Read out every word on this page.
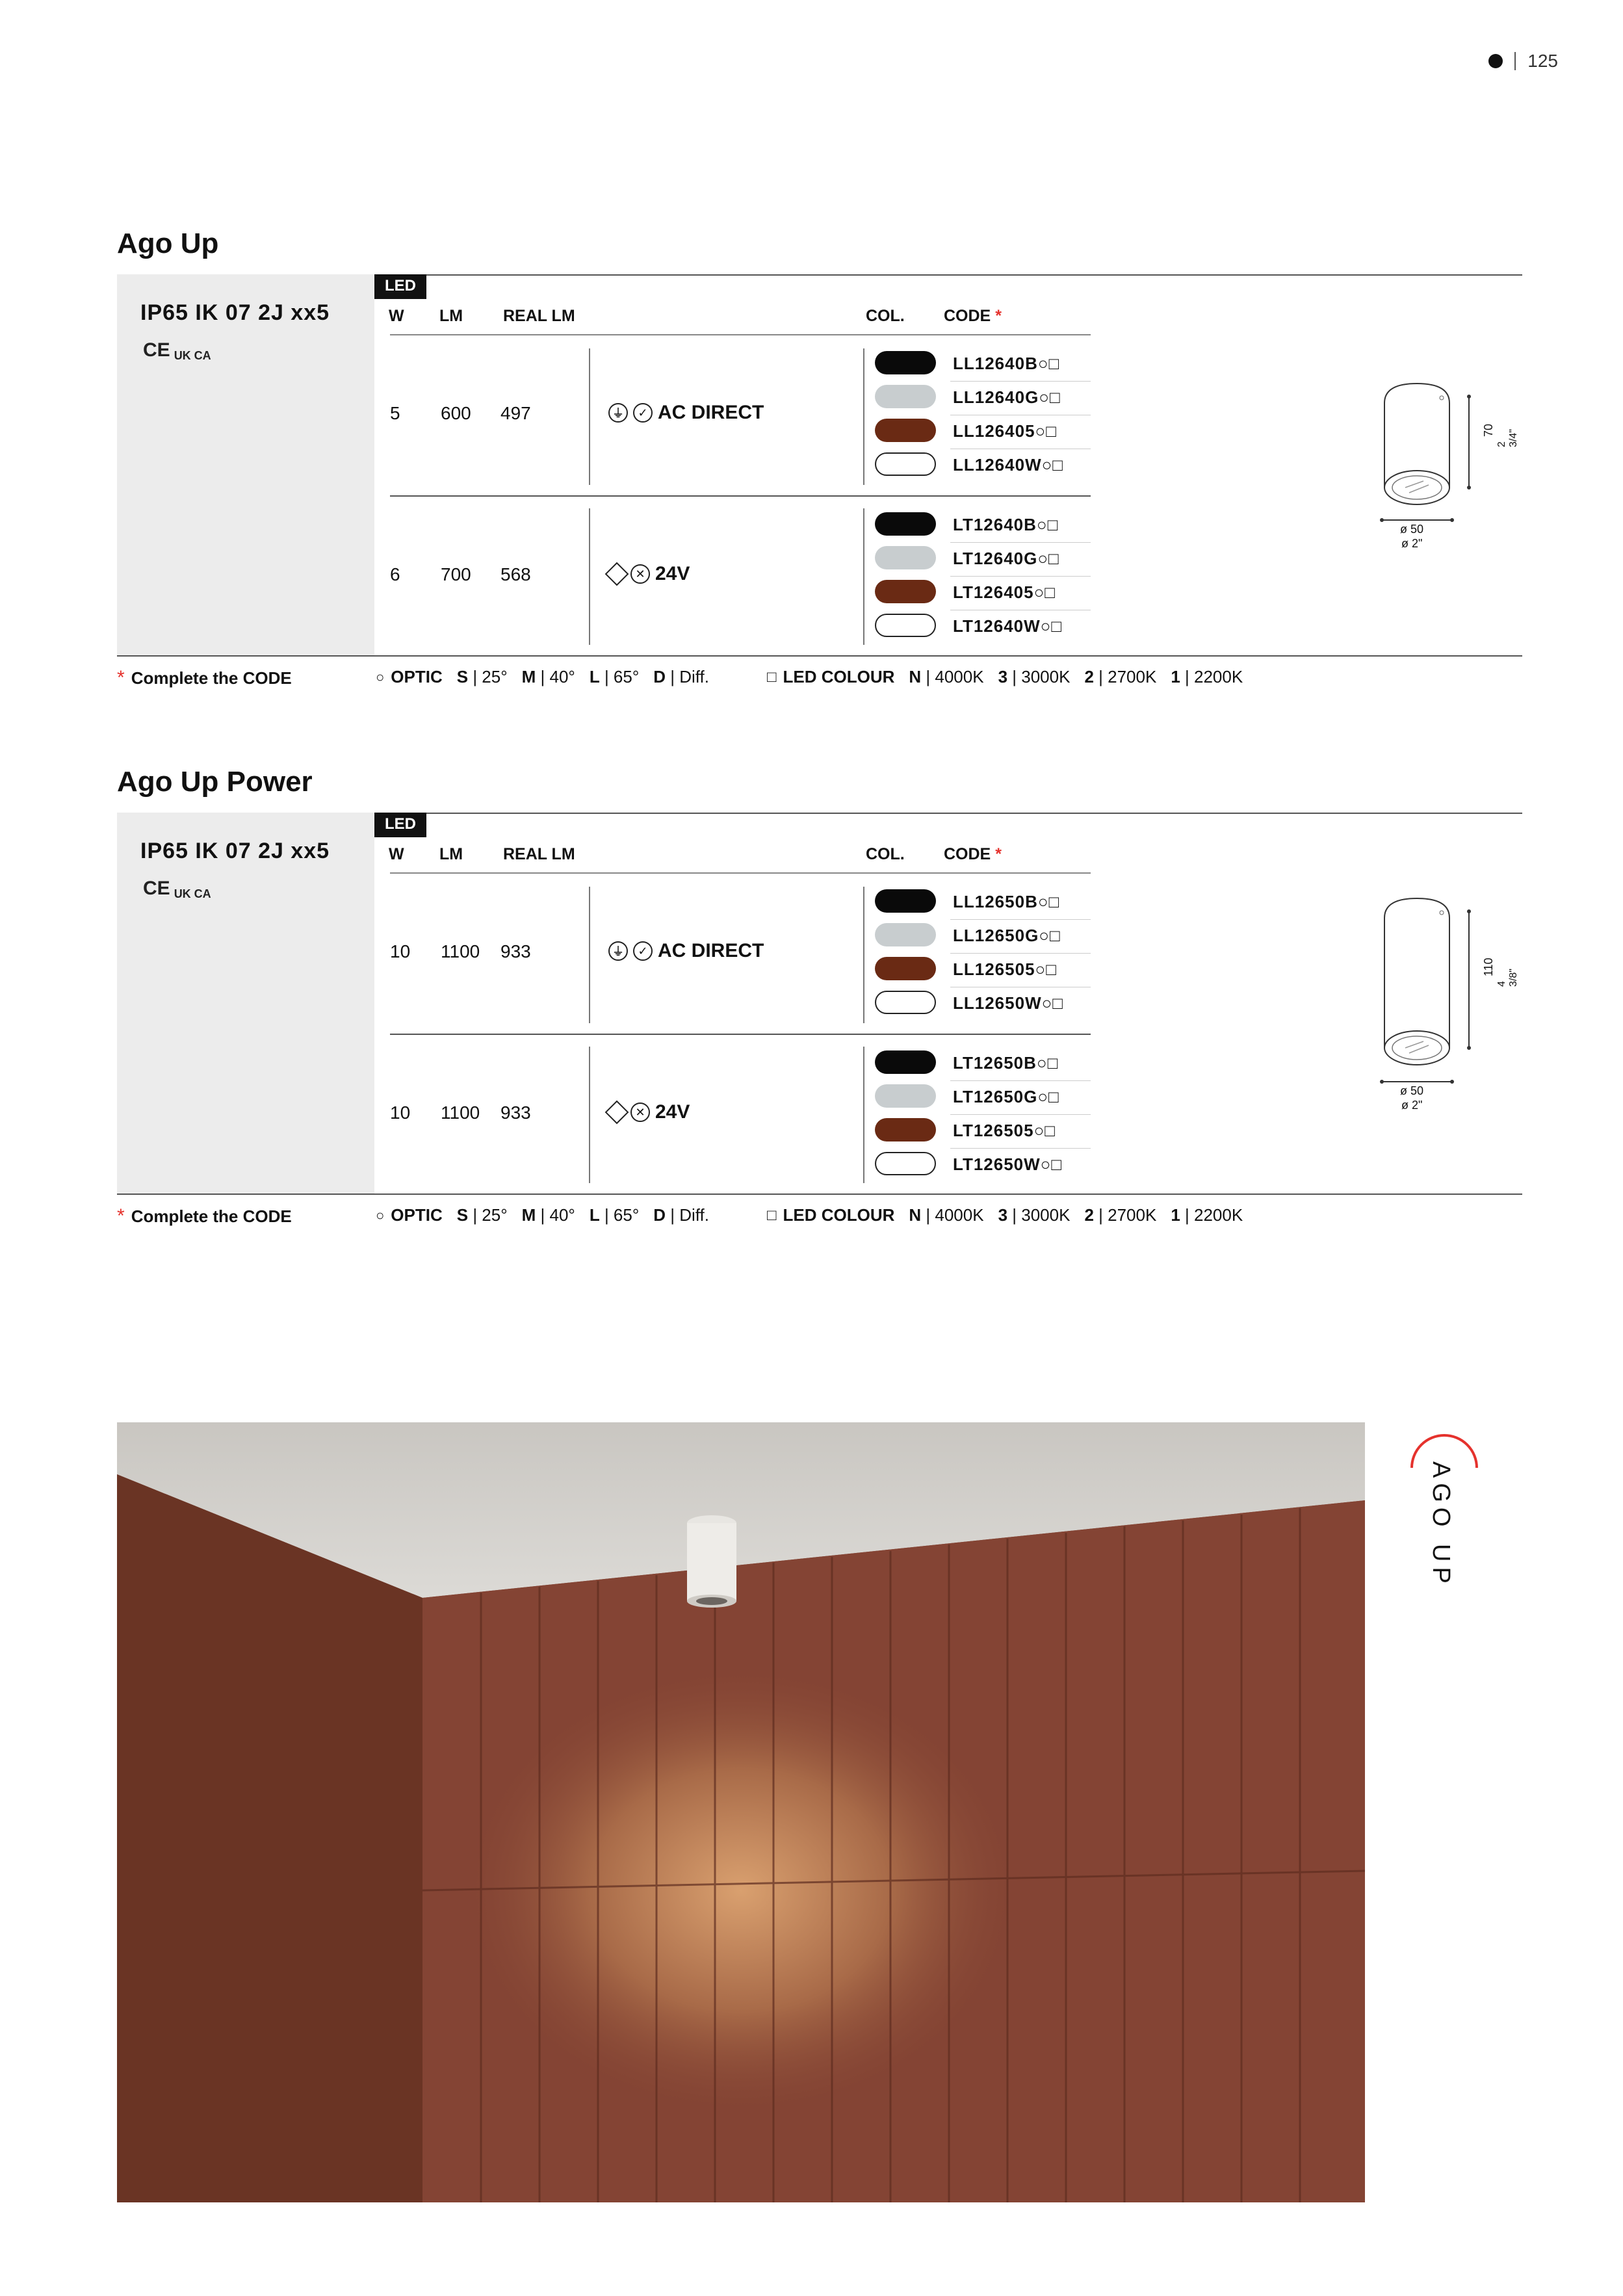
125
Ago Up
IP65 IK 07 2J xx5
CE UK CA
LED
W LM REAL LM	COL. CODE *
5 600 497	⏚	✓ AC DIRECT
LL12640B○□
LL12640G○□
LL126405○□
LL12640W○□
6 700 568	✕ 24V
LT12640B○□
LT12640G○□
LT126405○□
LT12640W○□
70
2 3/4"
ø 50
ø 2"
* Complete the CODE	○ OPTIC S | 25° M | 40° L | 65° D | Diff.	□ LED COLOUR N | 4000K 3 | 3000K 2 | 2700K 1 | 2200K
Ago Up Power
IP65 IK 07 2J xx5
CE UK CA
LED
W LM REAL LM	COL. CODE *
10 1100 933	⏚	✓ AC DIRECT
LL12650B○□
LL12650G○□
LL126505○□
LL12650W○□
10 1100 933	✕ 24V
LT12650B○□
LT12650G○□
LT126505○□
LT12650W○□
110
4 3/8"
ø 50
ø 2"
* Complete the CODE	○ OPTIC S | 25° M | 40° L | 65° D | Diff.	□ LED COLOUR N | 4000K 3 | 3000K 2 | 2700K 1 | 2200K
AGO UP
